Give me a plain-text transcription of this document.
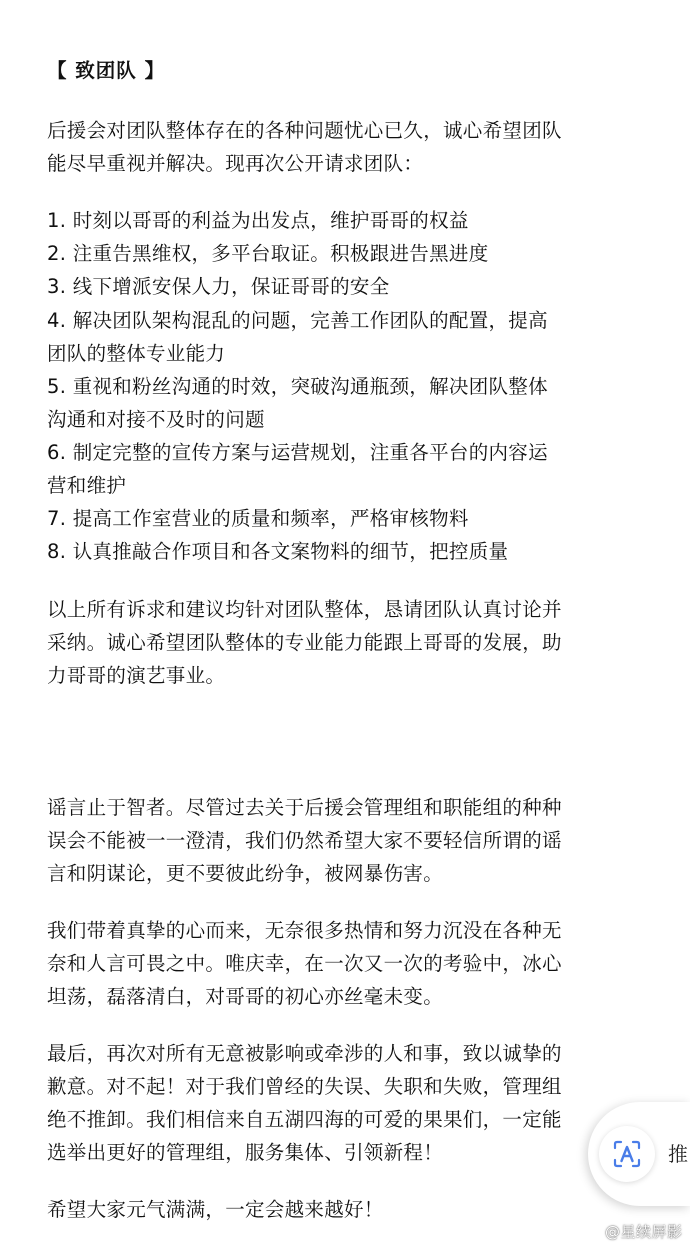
【 致团队 】
后援会对团队整体存在的各种问题忧心已久，诚心希望团队
能尽早重视并解决。现再次公开请求团队：
1. 时刻以哥哥的利益为出发点，维护哥哥的权益
2. 注重告黑维权，多平台取证。积极跟进告黑进度
3. 线下增派安保人力，保证哥哥的安全
4. 解决团队架构混乱的问题，完善工作团队的配置，提高
团队的整体专业能力
5. 重视和粉丝沟通的时效，突破沟通瓶颈，解决团队整体
沟通和对接不及时的问题
6. 制定完整的宣传方案与运营规划，注重各平台的内容运
营和维护
7. 提高工作室营业的质量和频率，严格审核物料
8. 认真推敲合作项目和各文案物料的细节，把控质量
以上所有诉求和建议均针对团队整体，恳请团队认真讨论并
采纳。诚心希望团队整体的专业能力能跟上哥哥的发展，助
力哥哥的演艺事业。
谣言止于智者。尽管过去关于后援会管理组和职能组的种种
误会不能被一一澄清，我们仍然希望大家不要轻信所谓的谣
言和阴谋论，更不要彼此纷争，被网暴伤害。
我们带着真挚的心而来，无奈很多热情和努力沉没在各种无
奈和人言可畏之中。唯庆幸，在一次又一次的考验中，冰心
坦荡，磊落清白，对哥哥的初心亦丝毫未变。
最后，再次对所有无意被影响或牵涉的人和事，致以诚挚的
歉意。对不起！对于我们曾经的失误、失职和失败，管理组
绝不推卸。我们相信来自五湖四海的可爱的果果们，一定能
选举出更好的管理组，服务集体、引领新程！
希望大家元气满满，一定会越来越好！
推
@星续屏影
